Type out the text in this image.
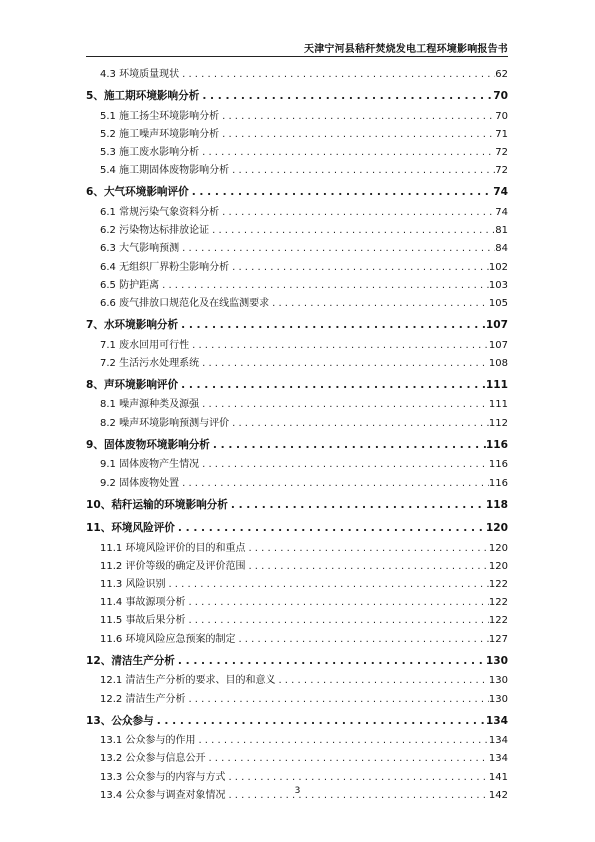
天津宁河县秸秆焚烧发电工程环境影响报告书
4.3 环境质量现状 . . .	62
5、施工期环境影响分析 . . .	70
5.1 施工扬尘环境影响分析 . . .	70
5.2 施工噪声环境影响分析 . . .	71
5.3 施工废水影响分析 . . .	72
5.4 施工期固体废物影响分析 . . .	72
6、大气环境影响评价 . . .	74
6.1 常规污染气象资料分析 . . .	74
6.2 污染物达标排放论证 . . .	81
6.3 大气影响预测 . . .	84
6.4 无组织厂界粉尘影响分析 . . .	102
6.5 防护距离 . . .	103
6.6 废气排放口规范化及在线监测要求 . . .	105
7、水环境影响分析 . . .	107
7.1 废水回用可行性 . . .	107
7.2 生活污水处理系统 . . .	108
8、声环境影响评价 . . .	111
8.1 噪声源种类及源强 . . .	111
8.2 噪声环境影响预测与评价 . . .	112
9、固体废物环境影响分析 . . .	116
9.1 固体废物产生情况 . . .	116
9.2 固体废物处置 . . .	116
10、秸秆运输的环境影响分析 . . .	118
11、环境风险评价 . . .	120
11.1 环境风险评价的目的和重点 . . .	120
11.2 评价等级的确定及评价范围 . . .	120
11.3 风险识别 . . .	122
11.4 事故源项分析 . . .	122
11.5 事故后果分析 . . .	122
11.6 环境风险应急预案的制定 . . .	127
12、清洁生产分析 . . .	130
12.1 清洁生产分析的要求、目的和意义 . . .	130
12.2 清洁生产分析 . . .	130
13、公众参与 . . .	134
13.1 公众参与的作用 . . .	134
13.2 公众参与信息公开 . . .	134
13.3 公众参与的内容与方式 . . .	141
13.4 公众参与调查对象情况 . . .	142
3
